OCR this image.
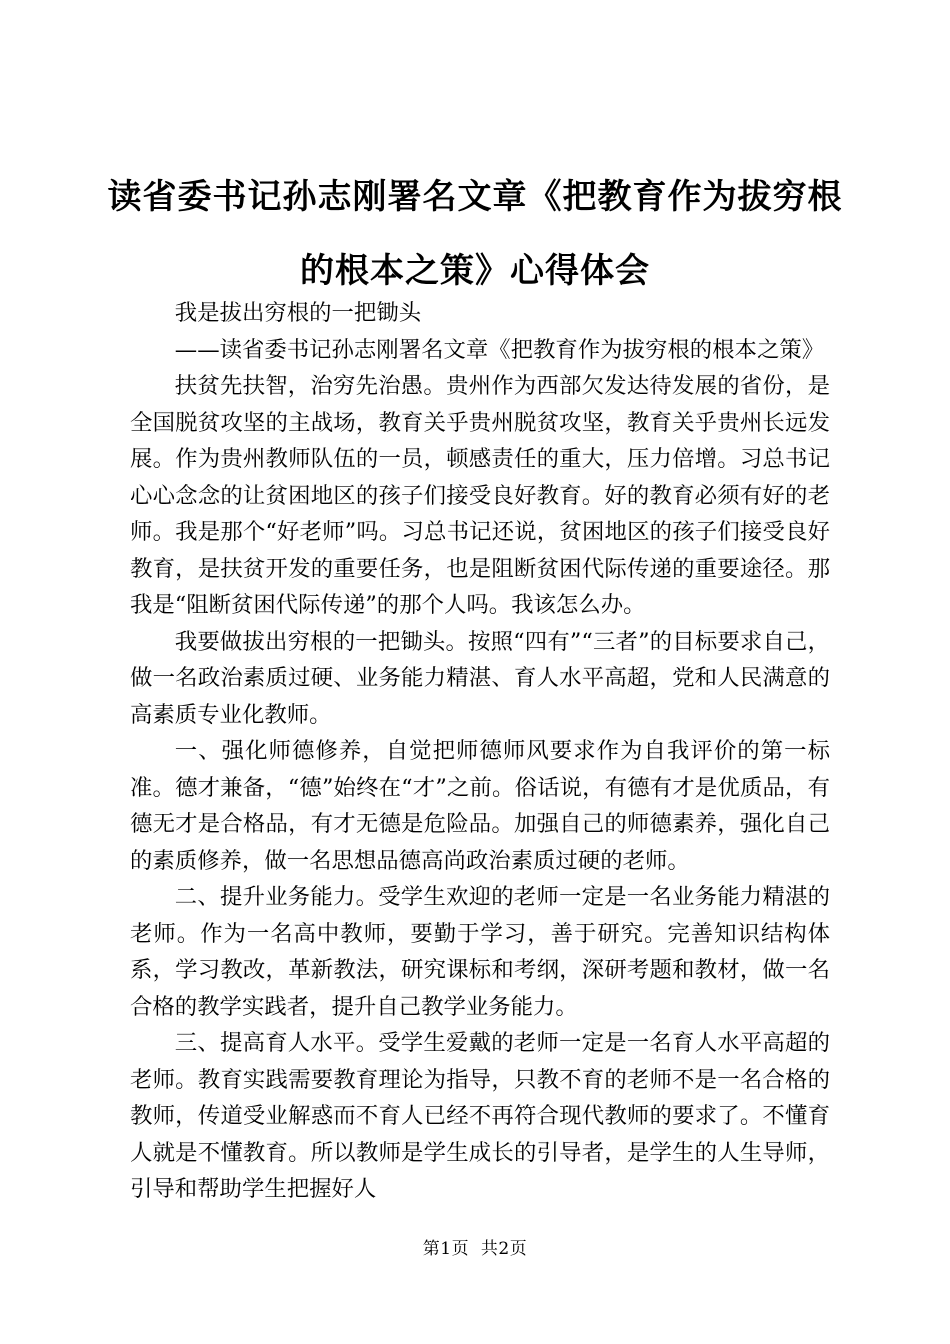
读省委书记孙志刚署名文章《把教育作为拔穷根的根本之策》心得体会

我是拔出穷根的一把锄头

——读省委书记孙志刚署名文章《把教育作为拔穷根的根本之策》

扶贫先扶智，治穷先治愚。贵州作为西部欠发达待发展的省份，是全国脱贫攻坚的主战场，教育关乎贵州脱贫攻坚，教育关乎贵州长远发展。作为贵州教师队伍的一员，顿感责任的重大，压力倍增。习总书记心心念念的让贫困地区的孩子们接受良好教育。好的教育必须有好的老师。我是那个“好老师”吗。习总书记还说，贫困地区的孩子们接受良好教育，是扶贫开发的重要任务，也是阻断贫困代际传递的重要途径。那我是“阻断贫困代际传递”的那个人吗。我该怎么办。

我要做拔出穷根的一把锄头。按照“四有”“三者”的目标要求自己，做一名政治素质过硬、业务能力精湛、育人水平高超，党和人民满意的高素质专业化教师。

一、强化师德修养，自觉把师德师风要求作为自我评价的第一标准。德才兼备，“德”始终在“才”之前。俗话说，有德有才是优质品，有德无才是合格品，有才无德是危险品。加强自己的师德素养，强化自己的素质修养，做一名思想品德高尚政治素质过硬的老师。

二、提升业务能力。受学生欢迎的老师一定是一名业务能力精湛的老师。作为一名高中教师，要勤于学习，善于研究。完善知识结构体系，学习教改，革新教法，研究课标和考纲，深研考题和教材，做一名合格的教学实践者，提升自己教学业务能力。

三、提高育人水平。受学生爱戴的老师一定是一名育人水平高超的老师。教育实践需要教育理论为指导，只教不育的老师不是一名合格的教师，传道受业解惑而不育人已经不再符合现代教师的要求了。不懂育人就是不懂教育。所以教师是学生成长的引导者，是学生的人生导师，引导和帮助学生把握好人

第1页 共2页
